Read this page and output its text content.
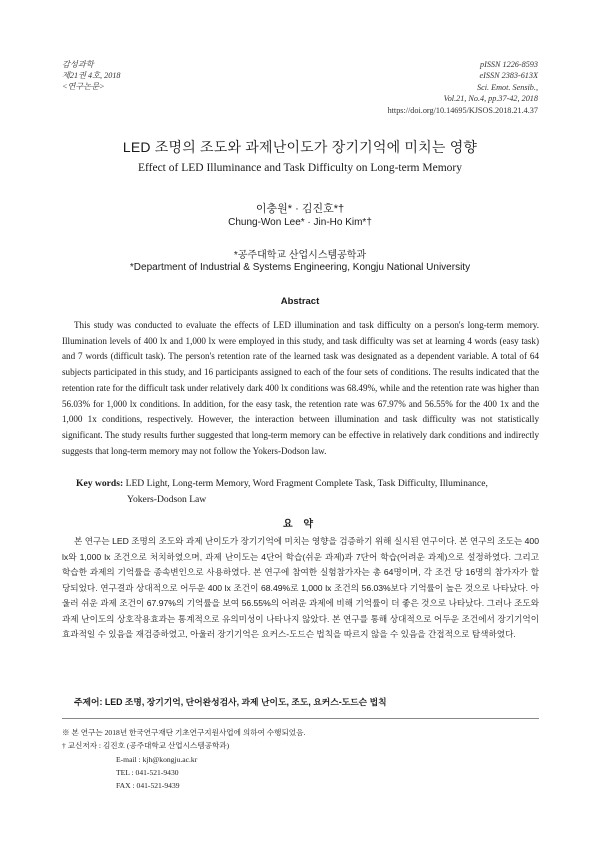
감성과학
제21권 4호, 2018
<연구논문>
pISSN 1226-8593
eISSN 2383-613X
Sci. Emot. Sensib.,
Vol.21, No.4, pp.37-42, 2018
https://doi.org/10.14695/KJSOS.2018.21.4.37
LED 조명의 조도와 과제난이도가 장기기억에 미치는 영향
Effect of LED Illuminance and Task Difficulty on Long-term Memory
이충원* · 김진호*†
Chung-Won Lee* · Jin-Ho Kim*†
*공주대학교 산업시스템공학과
*Department of Industrial & Systems Engineering, Kongju National University
Abstract

This study was conducted to evaluate the effects of LED illumination and task difficulty on a person's long-term memory. Illumination levels of 400 lx and 1,000 lx were employed in this study, and task difficulty was set at learning 4 words (easy task) and 7 words (difficult task). The person's retention rate of the learned task was designated as a dependent variable. A total of 64 subjects participated in this study, and 16 participants assigned to each of the four sets of conditions. The results indicated that the retention rate for the difficult task under relatively dark 400 lx conditions was 68.49%, while and the retention rate was higher than 56.03% for 1,000 lx conditions. In addition, for the easy task, the retention rate was 67.97% and 56.55% for the 400 1x and the 1,000 1x conditions, respectively. However, the interaction between illumination and task difficulty was not statistically significant. The study results further suggested that long-term memory can be effective in relatively dark conditions and indirectly suggests that long-term memory may not follow the Yokers-Dodson law.

Key words: LED Light, Long-term Memory, Word Fragment Complete Task, Task Difficulty, Illuminance,
Yokers-Dodson Law
요 약

본 연구는 LED 조명의 조도와 과제 난이도가 장기기억에 미치는 영향을 검증하기 위해 실시된 연구이다. 본 연구의 조도는 400 lx와 1,000 lx 조건으로 처치하였으며, 과제 난이도는 4단어 학습(쉬운 과제)과 7단어 학습(어려운 과제)으로 설정하였다. 그리고 학습한 과제의 기억률을 종속변인으로 사용하였다. 본 연구에 참여한 실험참가자는 총 64명이며, 각 조건 당 16명의 참가자가 할당되었다. 연구결과 상대적으로 어두운 400 lx 조건이 68.49%로 1,000 lx 조건의 56.03%보다 기억률이 높은 것으로 나타났다. 아울러 쉬운 과제 조건이 67.97%의 기억률을 보여 56.55%의 어려운 과제에 비해 기억률이 더 좋은 것으로 나타났다. 그러나 조도와 과제 난이도의 상호작용효과는 통계적으로 유의미성이 나타나지 않았다. 본 연구를 통해 상대적으로 어두운 조건에서 장기기억이 효과적일 수 있음을 재검증하였고, 아울러 장기기억은 요커스-도드슨 법칙을 따르지 않을 수 있음을 간접적으로 탐색하였다.

주제어: LED 조명, 장기기억, 단어완성검사, 과제 난이도, 조도, 요커스-도드슨 법칙
※ 본 연구는 2018년 한국연구재단 기초연구지원사업에 의하여 수행되었음.
† 교신저자 : 김진호 (공주대학교 산업시스템공학과)
E-mail : kjh@kongju.ac.kr
TEL : 041-521-9430
FAX : 041-521-9439
